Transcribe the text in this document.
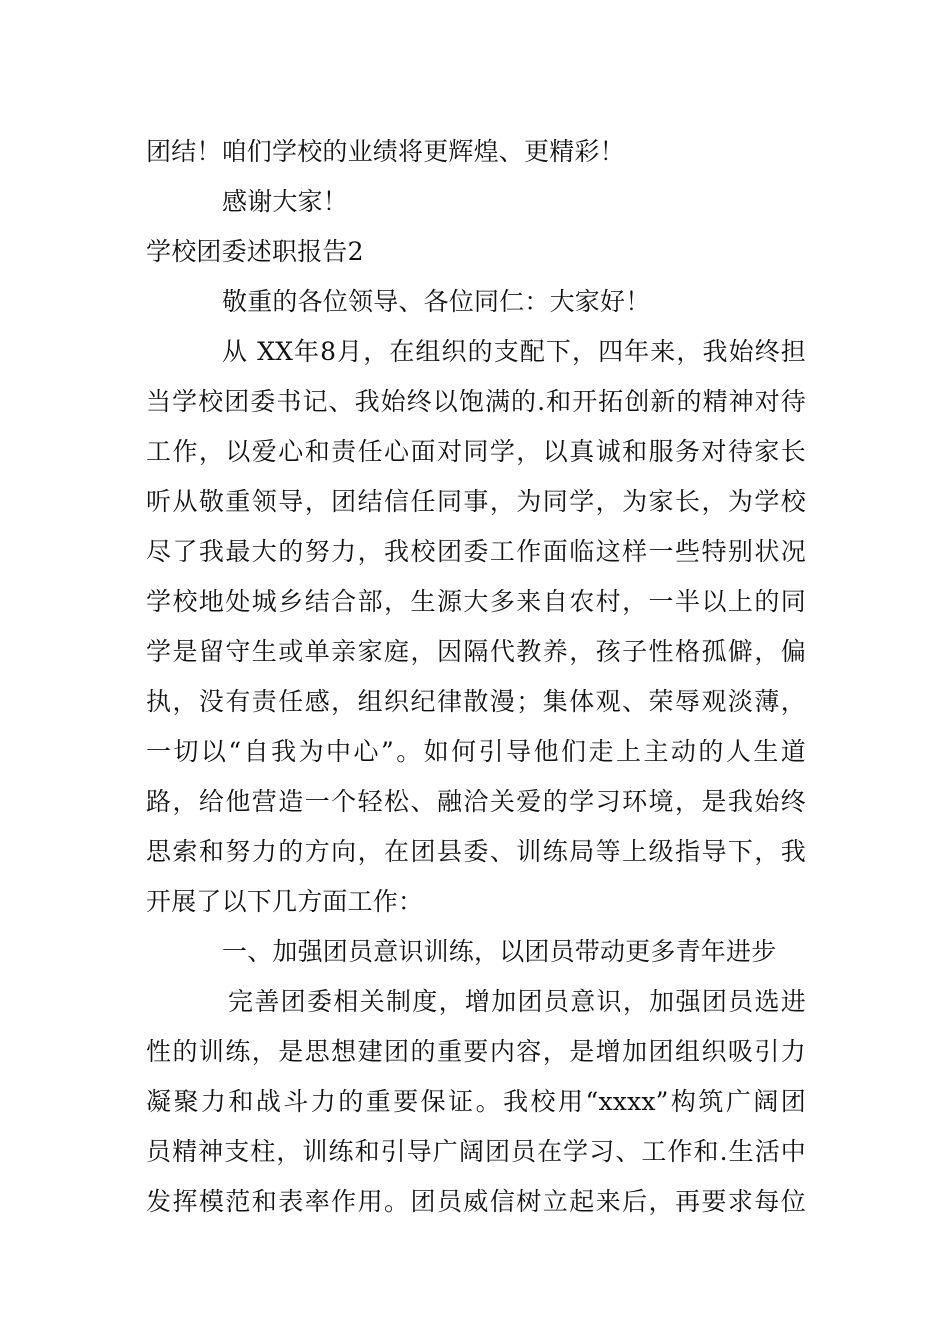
团结！咱们学校的业绩将更辉煌、更精彩！
感谢大家！
学校团委述职报告2
敬重的各位领导、各位同仁：大家好！
从 XX年8月，在组织的支配下，四年来，我始终担
当学校团委书记、我始终以饱满的.和开拓创新的精神对待
工作，以爱心和责任心面对同学，以真诚和服务对待家长
听从敬重领导，团结信任同事，为同学，为家长，为学校
尽了我最大的努力，我校团委工作面临这样一些特别状况
学校地处城乡结合部，生源大多来自农村，一半以上的同
学是留守生或单亲家庭，因隔代教养，孩子性格孤僻，偏
执，没有责任感，组织纪律散漫；集体观、荣辱观淡薄，
一切以“自我为中心”。如何引导他们走上主动的人生道
路，给他营造一个轻松、融洽关爱的学习环境，是我始终
思索和努力的方向，在团县委、训练局等上级指导下，我
开展了以下几方面工作：
一、加强团员意识训练，以团员带动更多青年进步
完善团委相关制度，增加团员意识，加强团员选进
性的训练，是思想建团的重要内容，是增加团组织吸引力
凝聚力和战斗力的重要保证。我校用“xxxx”构筑广阔团
员精神支柱，训练和引导广阔团员在学习、工作和.生活中
发挥模范和表率作用。团员威信树立起来后，再要求每位
